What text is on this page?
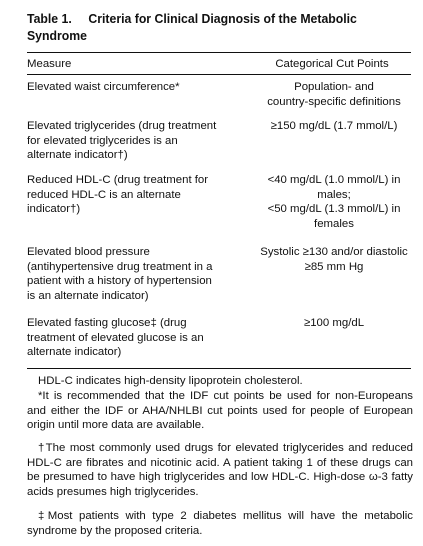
Table 1. Criteria for Clinical Diagnosis of the Metabolic Syndrome
Measure	Categorical Cut Points
Elevated waist circumference*	Population- and
country-specific definitions
Elevated triglycerides (drug treatment
for elevated triglycerides is an
alternate indicator†)
≥150 mg/dL (1.7 mmol/L)
Reduced HDL-C (drug treatment for
reduced HDL-C is an alternate
indicator†)
<40 mg/dL (1.0 mmol/L) in
males;
<50 mg/dL (1.3 mmol/L) in
females
Elevated blood pressure
(antihypertensive drug treatment in a
patient with a history of hypertension
is an alternate indicator)
Systolic ≥130 and/or diastolic
≥85 mm Hg
Elevated fasting glucose‡ (drug
treatment of elevated glucose is an
alternate indicator)
≥100 mg/dL
HDL-C indicates high-density lipoprotein cholesterol.
*It is recommended that the IDF cut points be used for non-Europeans and either the IDF or AHA/NHLBI cut points used for people of European origin until more data are available.
†The most commonly used drugs for elevated triglycerides and reduced HDL-C are fibrates and nicotinic acid. A patient taking 1 of these drugs can be presumed to have high triglycerides and low HDL-C. High-dose ω-3 fatty acids presumes high triglycerides.
‡Most patients with type 2 diabetes mellitus will have the metabolic syndrome by the proposed criteria.
